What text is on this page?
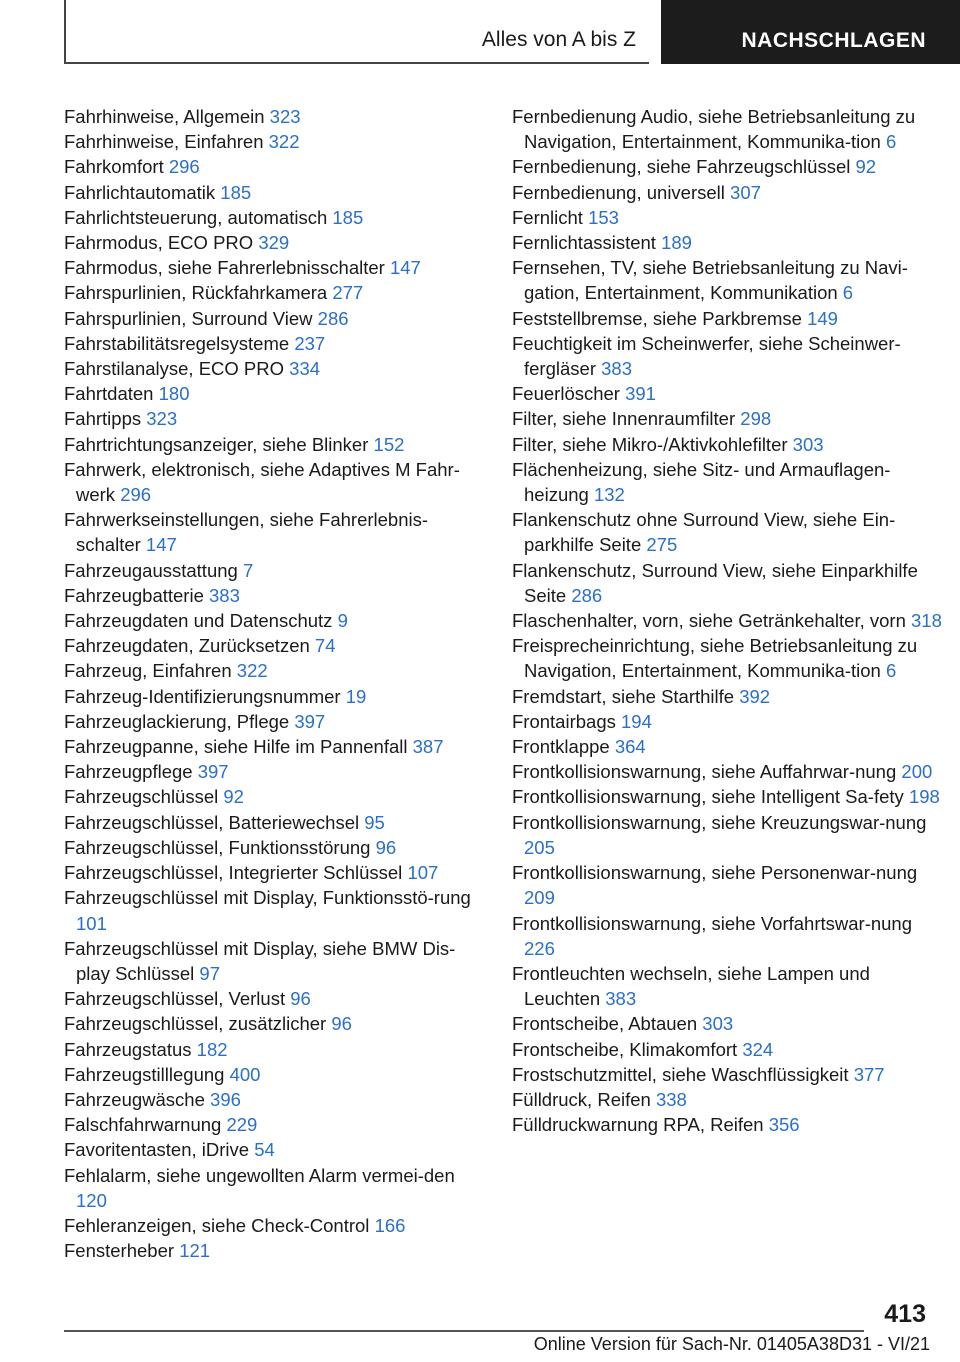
Alles von A bis Z	NACHSCHLAGEN
Fahrhinweise, Allgemein 323
Fahrhinweise, Einfahren 322
Fahrkomfort 296
Fahrlichtautomatik 185
Fahrlichtsteuerung, automatisch 185
Fahrmodus, ECO PRO 329
Fahrmodus, siehe Fahrerlebnisschalter 147
Fahrspurlinien, Rückfahrkamera 277
Fahrspurlinien, Surround View 286
Fahrstabilitätsregelsysteme 237
Fahrstilanalyse, ECO PRO 334
Fahrtdaten 180
Fahrtipps 323
Fahrtrichtungsanzeiger, siehe Blinker 152
Fahrwerk, elektronisch, siehe Adaptives M Fahr‐werk 296
Fahrwerkseinstellungen, siehe Fahrerlebnis‐schalter 147
Fahrzeugausstattung 7
Fahrzeugbatterie 383
Fahrzeugdaten und Datenschutz 9
Fahrzeugdaten, Zurücksetzen 74
Fahrzeug, Einfahren 322
Fahrzeug-Identifizierungsnummer 19
Fahrzeuglackierung, Pflege 397
Fahrzeugpanne, siehe Hilfe im Pannenfall 387
Fahrzeugpflege 397
Fahrzeugschlüssel 92
Fahrzeugschlüssel, Batteriewechsel 95
Fahrzeugschlüssel, Funktionsstörung 96
Fahrzeugschlüssel, Integrierter Schlüssel 107
Fahrzeugschlüssel mit Display, Funktionsstö‐rung 101
Fahrzeugschlüssel mit Display, siehe BMW Dis‐play Schlüssel 97
Fahrzeugschlüssel, Verlust 96
Fahrzeugschlüssel, zusätzlicher 96
Fahrzeugstatus 182
Fahrzeugstilllegung 400
Fahrzeugwäsche 396
Falschfahrwarnung 229
Favoritentasten, iDrive 54
Fehlalarm, siehe ungewollten Alarm vermei‐den 120
Fehleranzeigen, siehe Check-Control 166
Fensterheber 121
Fernbedienung Audio, siehe Betriebsanleitung zu Navigation, Entertainment, Kommunika‐tion 6
Fernbedienung, siehe Fahrzeugschlüssel 92
Fernbedienung, universell 307
Fernlicht 153
Fernlichtassistent 189
Fernsehen, TV, siehe Betriebsanleitung zu Navi‐gation, Entertainment, Kommunikation 6
Feststellbremse, siehe Parkbremse 149
Feuchtigkeit im Scheinwerfer, siehe Scheinwer‐fergläser 383
Feuerlöscher 391
Filter, siehe Innenraumfilter 298
Filter, siehe Mikro-/Aktivkohlefilter 303
Flächenheizung, siehe Sitz- und Armauflagen‐heizung 132
Flankenschutz ohne Surround View, siehe Ein‐parkhilfe Seite 275
Flankenschutz, Surround View, siehe Einparkhilfe Seite 286
Flaschenhalter, vorn, siehe Getränkehalter, vorn 318
Freisprecheinrichtung, siehe Betriebsanleitung zu Navigation, Entertainment, Kommunika‐tion 6
Fremdstart, siehe Starthilfe 392
Frontairbags 194
Frontklappe 364
Frontkollisionswarnung, siehe Auffahrwar‐nung 200
Frontkollisionswarnung, siehe Intelligent Sa‐fety 198
Frontkollisionswarnung, siehe Kreuzungswar‐nung 205
Frontkollisionswarnung, siehe Personenwar‐nung 209
Frontkollisionswarnung, siehe Vorfahrtswar‐nung 226
Frontleuchten wechseln, siehe Lampen und Leuchten 383
Frontscheibe, Abtauen 303
Frontscheibe, Klimakomfort 324
Frostschutzmittel, siehe Waschflüssigkeit 377
Fülldruck, Reifen 338
Fülldruckwarnung RPA, Reifen 356
413
Online Version für Sach-Nr. 01405A38D31 - VI/21
